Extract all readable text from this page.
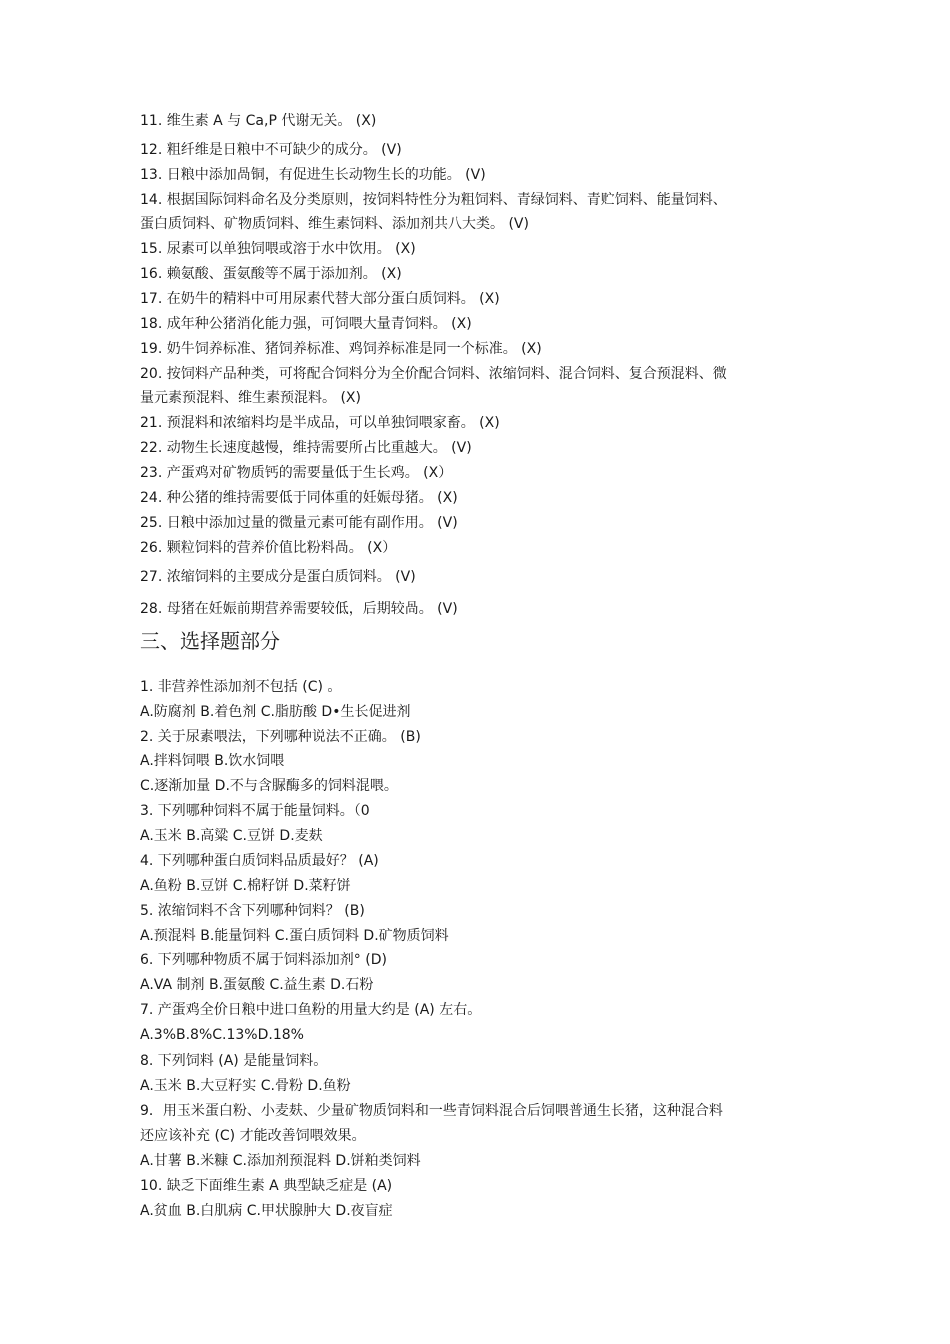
11. 维生素 A 与 Ca,P 代谢无关。 (X)
12. 粗纤维是日粮中不可缺少的成分。 (V)
13. 日粮中添加咼铜，有促进生长动物生长的功能。 (V)
14. 根据国际饲料命名及分类原则，按饲料特性分为粗饲料、青绿饲料、青贮饲料、能量饲料、
蛋白质饲料、矿物质饲料、维生素饲料、添加剂共八大类。 (V)
15. 尿素可以单独饲喂或溶于水中饮用。 (X)
16. 赖氨酸、蛋氨酸等不属于添加剂。 (X)
17. 在奶牛的精料中可用尿素代替大部分蛋白质饲料。 (X)
18. 成年种公猪消化能力强，可饲喂大量青饲料。 (X)
19. 奶牛饲养标准、猪饲养标准、鸡饲养标准是同一个标准。 (X)
20. 按饲料产品种类，可将配合饲料分为全价配合饲料、浓缩饲料、混合饲料、复合预混料、微
量元素预混料、维生素预混料。 (X)
21. 预混料和浓缩料均是半成品，可以单独饲喂家畜。 (X)
22. 动物生长速度越慢，维持需要所占比重越大。 (V)
23. 产蛋鸡对矿物质钙的需要量低于生长鸡。 (X）
24. 种公猪的维持需要低于同体重的妊娠母猪。 (X)
25. 日粮中添加过量的微量元素可能有副作用。 (V)
26. 颗粒饲料的营养价值比粉料咼。 (X）
27. 浓缩饲料的主要成分是蛋白质饲料。 (V)
28. 母猪在妊娠前期营养需要较低，后期较咼。 (V)
三、选择题部分
1. 非营养性添加剂不包括 (C) 。
A.防腐剂 B.着色剂 C.脂肪酸 D•生长促进剂
2. 关于尿素喂法，下列哪种说法不正确。 (B)
A.拌料饲喂 B.饮水饲喂
C.逐渐加量 D.不与含脲酶多的饲料混喂。
3. 下列哪种饲料不属于能量饲料。（0
A.玉米 B.高粱 C.豆饼 D.麦麸
4. 下列哪种蛋白质饲料品质最好？ (A)
A.鱼粉 B.豆饼 C.棉籽饼 D.菜籽饼
5. 浓缩饲料不含下列哪种饲料？ (B)
A.预混料 B.能量饲料 C.蛋白质饲料 D.矿物质饲料
6. 下列哪种物质不属于饲料添加剂° (D)
A.VA 制剂 B.蛋氨酸 C.益生素 D.石粉
7. 产蛋鸡全价日粮中进口鱼粉的用量大约是 (A) 左右。
A.3%B.8%C.13%D.18%
8. 下列饲料 (A) 是能量饲料。
A.玉米 B.大豆籽实 C.骨粉 D.鱼粉
9．用玉米蛋白粉、小麦麸、少量矿物质饲料和一些青饲料混合后饲喂普通生长猪，这种混合料
还应该补充 (C) 才能改善饲喂效果。
A.甘薯 B.米糠 C.添加剂预混料 D.饼粕类饲料
10. 缺乏下面维生素 A 典型缺乏症是 (A)
A.贫血 B.白肌病 C.甲状腺肿大 D.夜盲症
